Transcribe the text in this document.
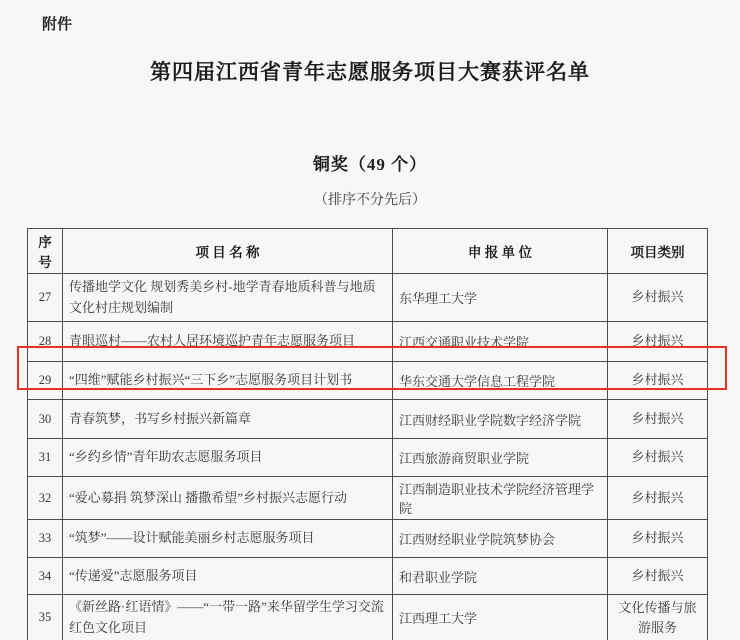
附件
第四届江西省青年志愿服务项目大赛获评名单
铜奖（49 个）
（排序不分先后）
序号	项 目 名 称	申 报 单 位	项目类别
27	传播地学文化 规划秀美乡村-地学青春地质科普与地质文化村庄规划编制	东华理工大学	乡村振兴
28	青眼巡村——农村人居环境巡护青年志愿服务项目	江西交通职业技术学院	乡村振兴
29	“四维”赋能乡村振兴“三下乡”志愿服务项目计划书	华东交通大学信息工程学院	乡村振兴
30	青春筑梦，书写乡村振兴新篇章	江西财经职业学院数字经济学院	乡村振兴
31	“乡约乡情”青年助农志愿服务项目	江西旅游商贸职业学院	乡村振兴
32	“爱心募捐 筑梦深山 播撒希望”乡村振兴志愿行动	江西制造职业技术学院经济管理学院	乡村振兴
33	“筑梦”——设计赋能美丽乡村志愿服务项目	江西财经职业学院筑梦协会	乡村振兴
34	“传递爱”志愿服务项目	和君职业学院	乡村振兴
35	《新丝路·红语情》——“一带一路”来华留学生学习交流红色文化项目	江西理工大学	文化传播与旅游服务
